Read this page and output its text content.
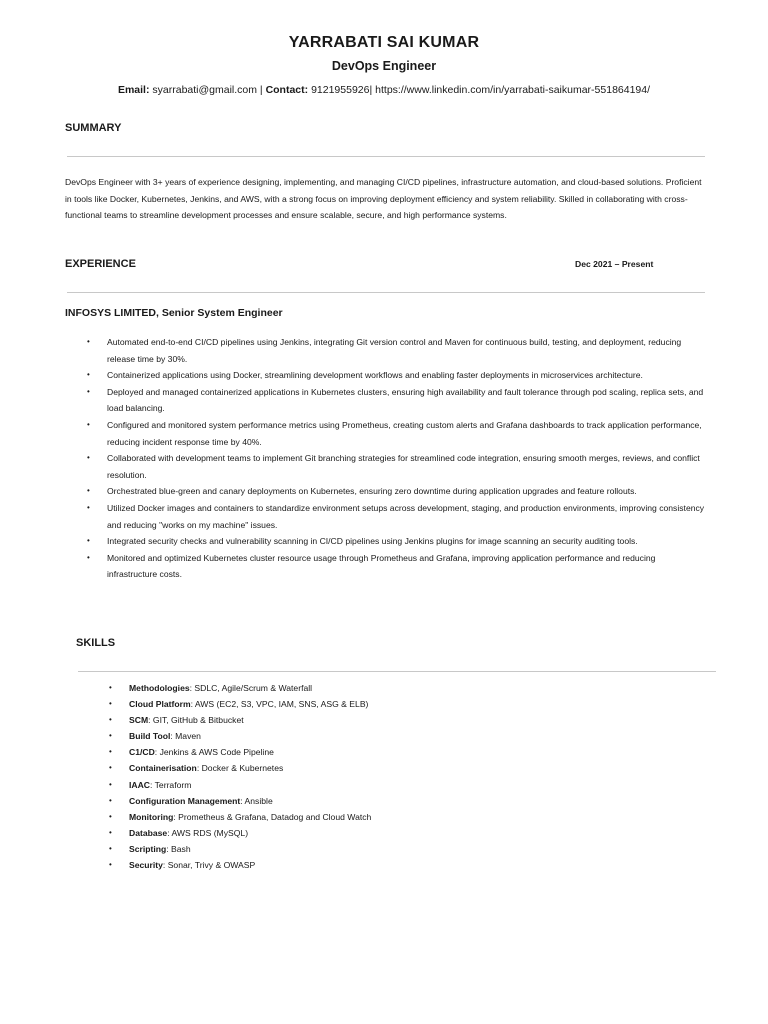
YARRABATI SAI KUMAR
DevOps Engineer
Email: syarrabati@gmail.com | Contact: 9121955926| https://www.linkedin.com/in/yarrabati-saikumar-551864194/
SUMMARY
DevOps Engineer with 3+ years of experience designing, implementing, and managing CI/CD pipelines, infrastructure automation, and cloud-based solutions. Proficient in tools like Docker, Kubernetes, Jenkins, and AWS, with a strong focus on improving deployment efficiency and system reliability. Skilled in collaborating with cross-functional teams to streamline development processes and ensure scalable, secure, and high performance systems.
EXPERIENCE	Dec 2021 – Present
INFOSYS LIMITED, Senior System Engineer
• Automated end-to-end CI/CD pipelines using Jenkins, integrating Git version control and Maven for continuous build, testing, and deployment, reducing release time by 30%.
• Containerized applications using Docker, streamlining development workflows and enabling faster deployments in microservices architecture.
• Deployed and managed containerized applications in Kubernetes clusters, ensuring high availability and fault tolerance through pod scaling, replica sets, and load balancing.
• Configured and monitored system performance metrics using Prometheus, creating custom alerts and Grafana dashboards to track application performance, reducing incident response time by 40%.
• Collaborated with development teams to implement Git branching strategies for streamlined code integration, ensuring smooth merges, reviews, and conflict resolution.
• Orchestrated blue-green and canary deployments on Kubernetes, ensuring zero downtime during application upgrades and feature rollouts.
• Utilized Docker images and containers to standardize environment setups across development, staging, and production environments, improving consistency and reducing "works on my machine" issues.
• Integrated security checks and vulnerability scanning in CI/CD pipelines using Jenkins plugins for image scanning an security auditing tools.
• Monitored and optimized Kubernetes cluster resource usage through Prometheus and Grafana, improving application performance and reducing infrastructure costs.
SKILLS
• Methodologies: SDLC, Agile/Scrum & Waterfall
• Cloud Platform: AWS (EC2, S3, VPC, IAM, SNS, ASG & ELB)
• SCM: GIT, GitHub & Bitbucket
• Build Tool: Maven
• C1/CD: Jenkins & AWS Code Pipeline
• Containerisation: Docker & Kubernetes
• IAAC: Terraform
• Configuration Management: Ansible
• Monitoring: Prometheus & Grafana, Datadog and Cloud Watch
• Database: AWS RDS (MySQL)
• Scripting: Bash
• Security: Sonar, Trivy & OWASP
